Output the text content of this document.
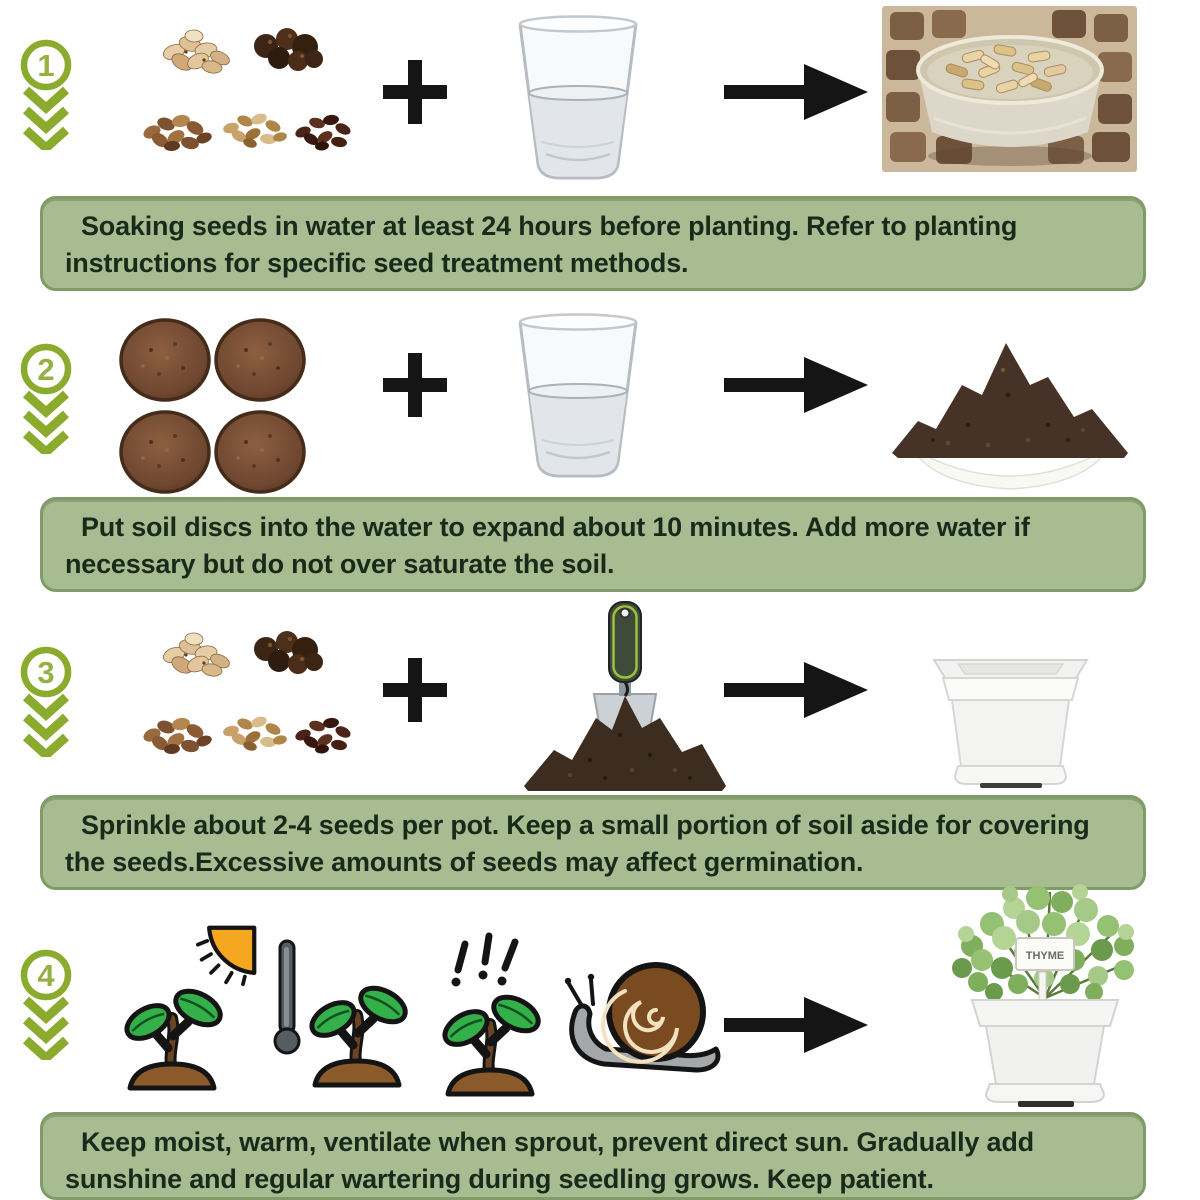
1

Soaking seeds in water at least 24 hours before planting. Refer to planting instructions for specific seed treatment methods.

2

Put soil discs into the water to expand about 10 minutes. Add more water if necessary but do not over saturate the soil.

3

Sprinkle about 2-4 seeds per pot. Keep a small portion of soil aside for covering the seeds.Excessive amounts of seeds may affect germination.

4

Keep moist, warm, ventilate when sprout, prevent direct sun. Gradually add sunshine and regular wartering during seedling grows. Keep patient.
